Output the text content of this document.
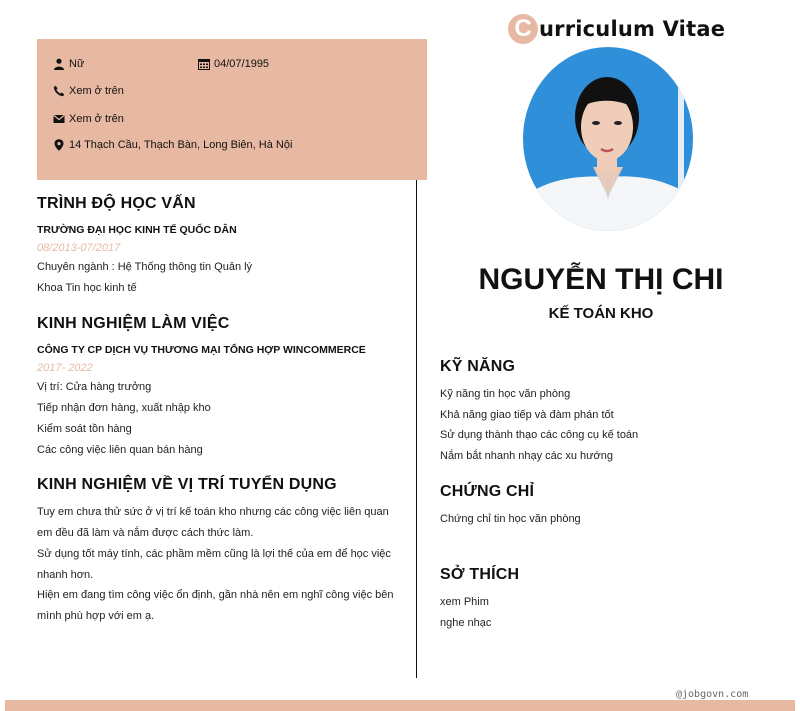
C urriculum Vitae
Nữ	04/07/1995
Xem ở trên
Xem ở trên
14 Thạch Cầu, Thạch Bàn, Long Biên, Hà Nội
NGUYỄN THỊ CHI
KẾ TOÁN KHO
TRÌNH ĐỘ HỌC VẤN
TRƯỜNG ĐẠI HỌC KINH TẾ QUỐC DÂN
08/2013-07/2017
Chuyên ngành : Hệ Thống thông tin Quản lý
Khoa Tin học kinh tế
KINH NGHIỆM LÀM VIỆC
CÔNG TY CP DỊCH VỤ THƯƠNG MẠI TỔNG HỢP WINCOMMERCE
2017- 2022
Vị trí: Cửa hàng trưởng
Tiếp nhận đơn hàng, xuất nhập kho
Kiểm soát tồn hàng
Các công việc liên quan bán hàng
KINH NGHIỆM VỀ VỊ TRÍ TUYỂN DỤNG
Tuy em chưa thử sức ở vị trí kế toán kho nhưng các công việc liên quan em đều đã làm và nắm được cách thức làm.
Sử dụng tốt máy tính, các phầm mềm cũng là lợi thế của em để học việc nhanh hơn.
Hiện em đang tìm công việc ổn định, gần nhà nên em nghĩ công việc bên mình phù hợp với em ạ.
KỸ NĂNG
Kỹ năng tin học văn phòng
Khả năng giao tiếp và đàm phán tốt
Sử dụng thành thạo các công cụ kế toán
Nắm bắt nhanh nhạy các xu hướng
CHỨNG CHỈ
Chứng chỉ tin học văn phòng
SỞ THÍCH
xem Phim
nghe nhạc
@jobgovn.com
